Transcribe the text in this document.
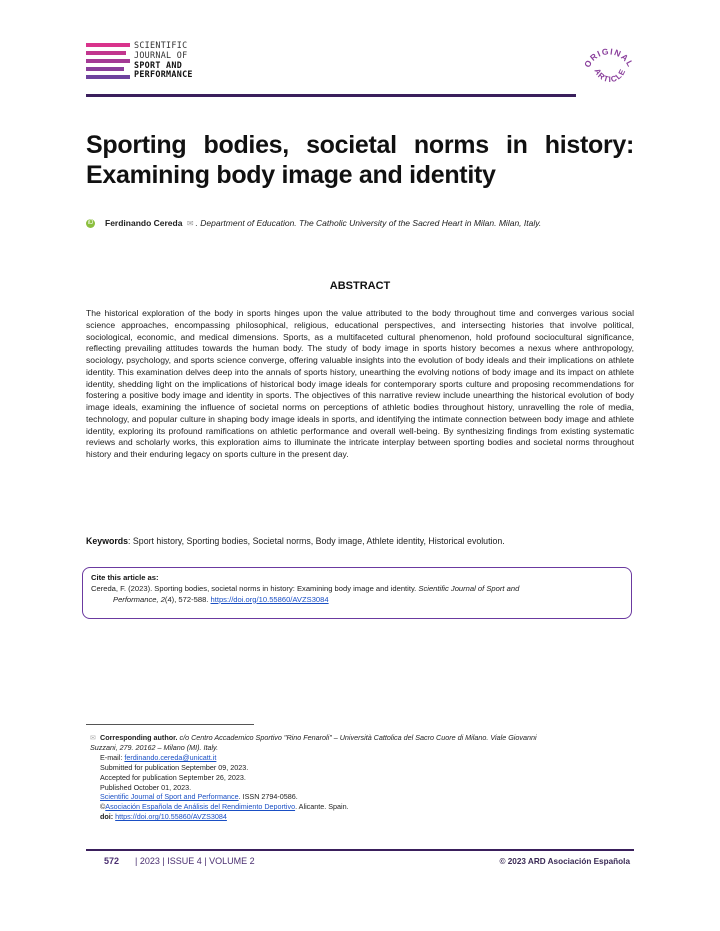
SCIENTIFIC
JOURNAL OF
SPORT AND
PERFORMANCE
ORIGINAL
ARTICLE
Sporting bodies, societal norms in history: Examining body image and identity
iD Ferdinando Cereda ✉ . Department of Education. The Catholic University of the Sacred Heart in Milan. Milan, Italy.
ABSTRACT
The historical exploration of the body in sports hinges upon the value attributed to the body throughout time and converges various social science approaches, encompassing philosophical, religious, educational perspectives, and intersecting histories that involve political, sociological, economic, and medical dimensions. Sports, as a multifaceted cultural phenomenon, hold profound sociocultural significance, reflecting prevailing attitudes towards the human body. The study of body image in sports history becomes a nexus where anthropology, sociology, psychology, and sports science converge, offering valuable insights into the evolution of body ideals and their implications on athlete identity. This examination delves deep into the annals of sports history, unearthing the evolving notions of body image and its impact on athlete identity, shedding light on the implications of historical body image ideals for contemporary sports culture and proposing recommendations for fostering a positive body image and identity in sports. The objectives of this narrative review include unearthing the historical evolution of body image ideals, examining the influence of societal norms on perceptions of athletic bodies throughout history, unravelling the role of media, technology, and popular culture in shaping body image ideals in sports, and identifying the intimate connection between body image and athlete identity, exploring its profound ramifications on athletic performance and overall well-being. By synthesizing findings from existing systematic reviews and scholarly works, this exploration aims to illuminate the intricate interplay between sporting bodies and societal norms throughout history and their enduring legacy on sports culture in the present day.
Keywords: Sport history, Sporting bodies, Societal norms, Body image, Athlete identity, Historical evolution.
Cite this article as:
Cereda, F. (2023). Sporting bodies, societal norms in history: Examining body image and identity. Scientific Journal of Sport and
Performance, 2(4), 572-588. https://doi.org/10.55860/AVZS3084
✉ Corresponding author. c/o Centro Accademico Sportivo "Rino Fenaroli" – Università Cattolica del Sacro Cuore di Milano. Viale Giovanni
Suzzani, 279. 20162 – Milano (MI). Italy.
E-mail: ferdinando.cereda@unicatt.it
Submitted for publication September 09, 2023.
Accepted for publication September 26, 2023.
Published October 01, 2023.
Scientific Journal of Sport and Performance. ISSN 2794-0586.
©Asociación Española de Análisis del Rendimiento Deportivo. Alicante. Spain.
doi: https://doi.org/10.55860/AVZS3084
572 | 2023 | ISSUE 4 | VOLUME 2	© 2023 ARD Asociación Española
